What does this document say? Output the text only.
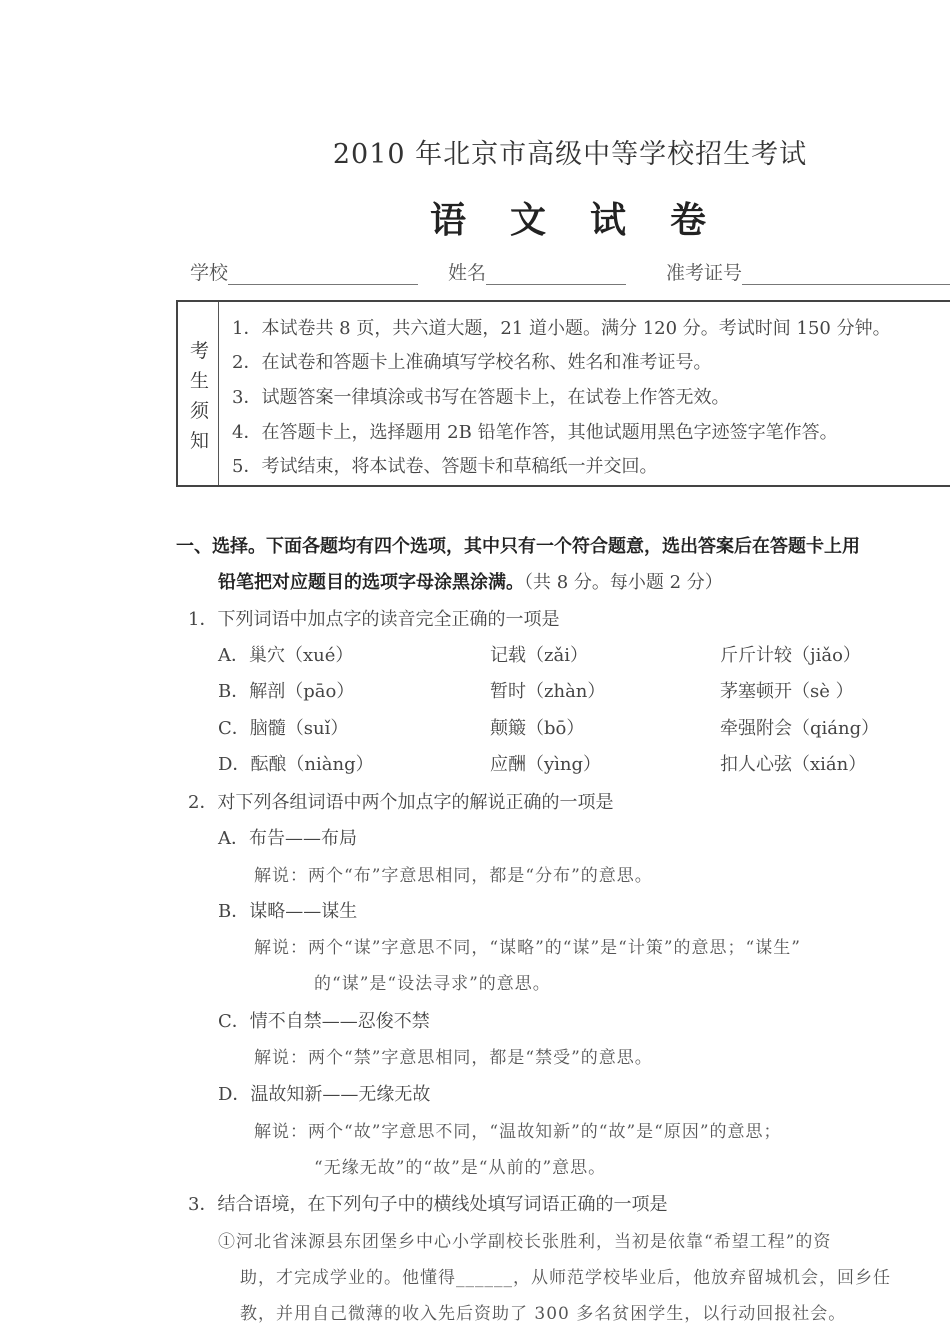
2010 年北京市高级中等学校招生考试
语　文　试　卷
学校	姓名	准考证号
考
生
须
知
1．本试卷共 8 页，共六道大题，21 道小题。满分 120 分。考试时间 150 分钟。
2．在试卷和答题卡上准确填写学校名称、姓名和准考证号。
3．试题答案一律填涂或书写在答题卡上，在试卷上作答无效。
4．在答题卡上，选择题用 2B 铅笔作答，其他试题用黑色字迹签字笔作答。
5．考试结束，将本试卷、答题卡和草稿纸一并交回。
一、选择。下面各题均有四个选项，其中只有一个符合题意，选出答案后在答题卡上用
铅笔把对应题目的选项字母涂黑涂满。（共 8 分。每小题 2 分）
1．下列词语中加点字的读音完全正确的一项是
A．巢穴（xué）	记载（zǎi）	斤斤计较（jiǎo）
B．解剖（pāo）	暂时（zhàn）	茅塞顿开（sè ）
C．脑髓（suǐ）	颠簸（bō）	牵强附会（qiáng）
D．酝酿（niàng）	应酬（yìng）	扣人心弦（xián）
2．对下列各组词语中两个加点字的解说正确的一项是
A．布告——布局
解说：两个“布”字意思相同，都是“分布”的意思。
B．谋略——谋生
解说：两个“谋”字意思不同，“谋略”的“谋”是“计策”的意思；“谋生”
的“谋”是“设法寻求”的意思。
C．情不自禁——忍俊不禁
解说：两个“禁”字意思相同，都是“禁受”的意思。
D．温故知新——无缘无故
解说：两个“故”字意思不同，“温故知新”的“故”是“原因”的意思；
“无缘无故”的“故”是“从前的”意思。
3．结合语境，在下列句子中的横线处填写词语正确的一项是
①河北省涞源县东团堡乡中心小学副校长张胜利，当初是依靠“希望工程”的资
助，才完成学业的。他懂得______，从师范学校毕业后，他放弃留城机会，回乡任
教，并用自己微薄的收入先后资助了 300 多名贫困学生，以行动回报社会。
